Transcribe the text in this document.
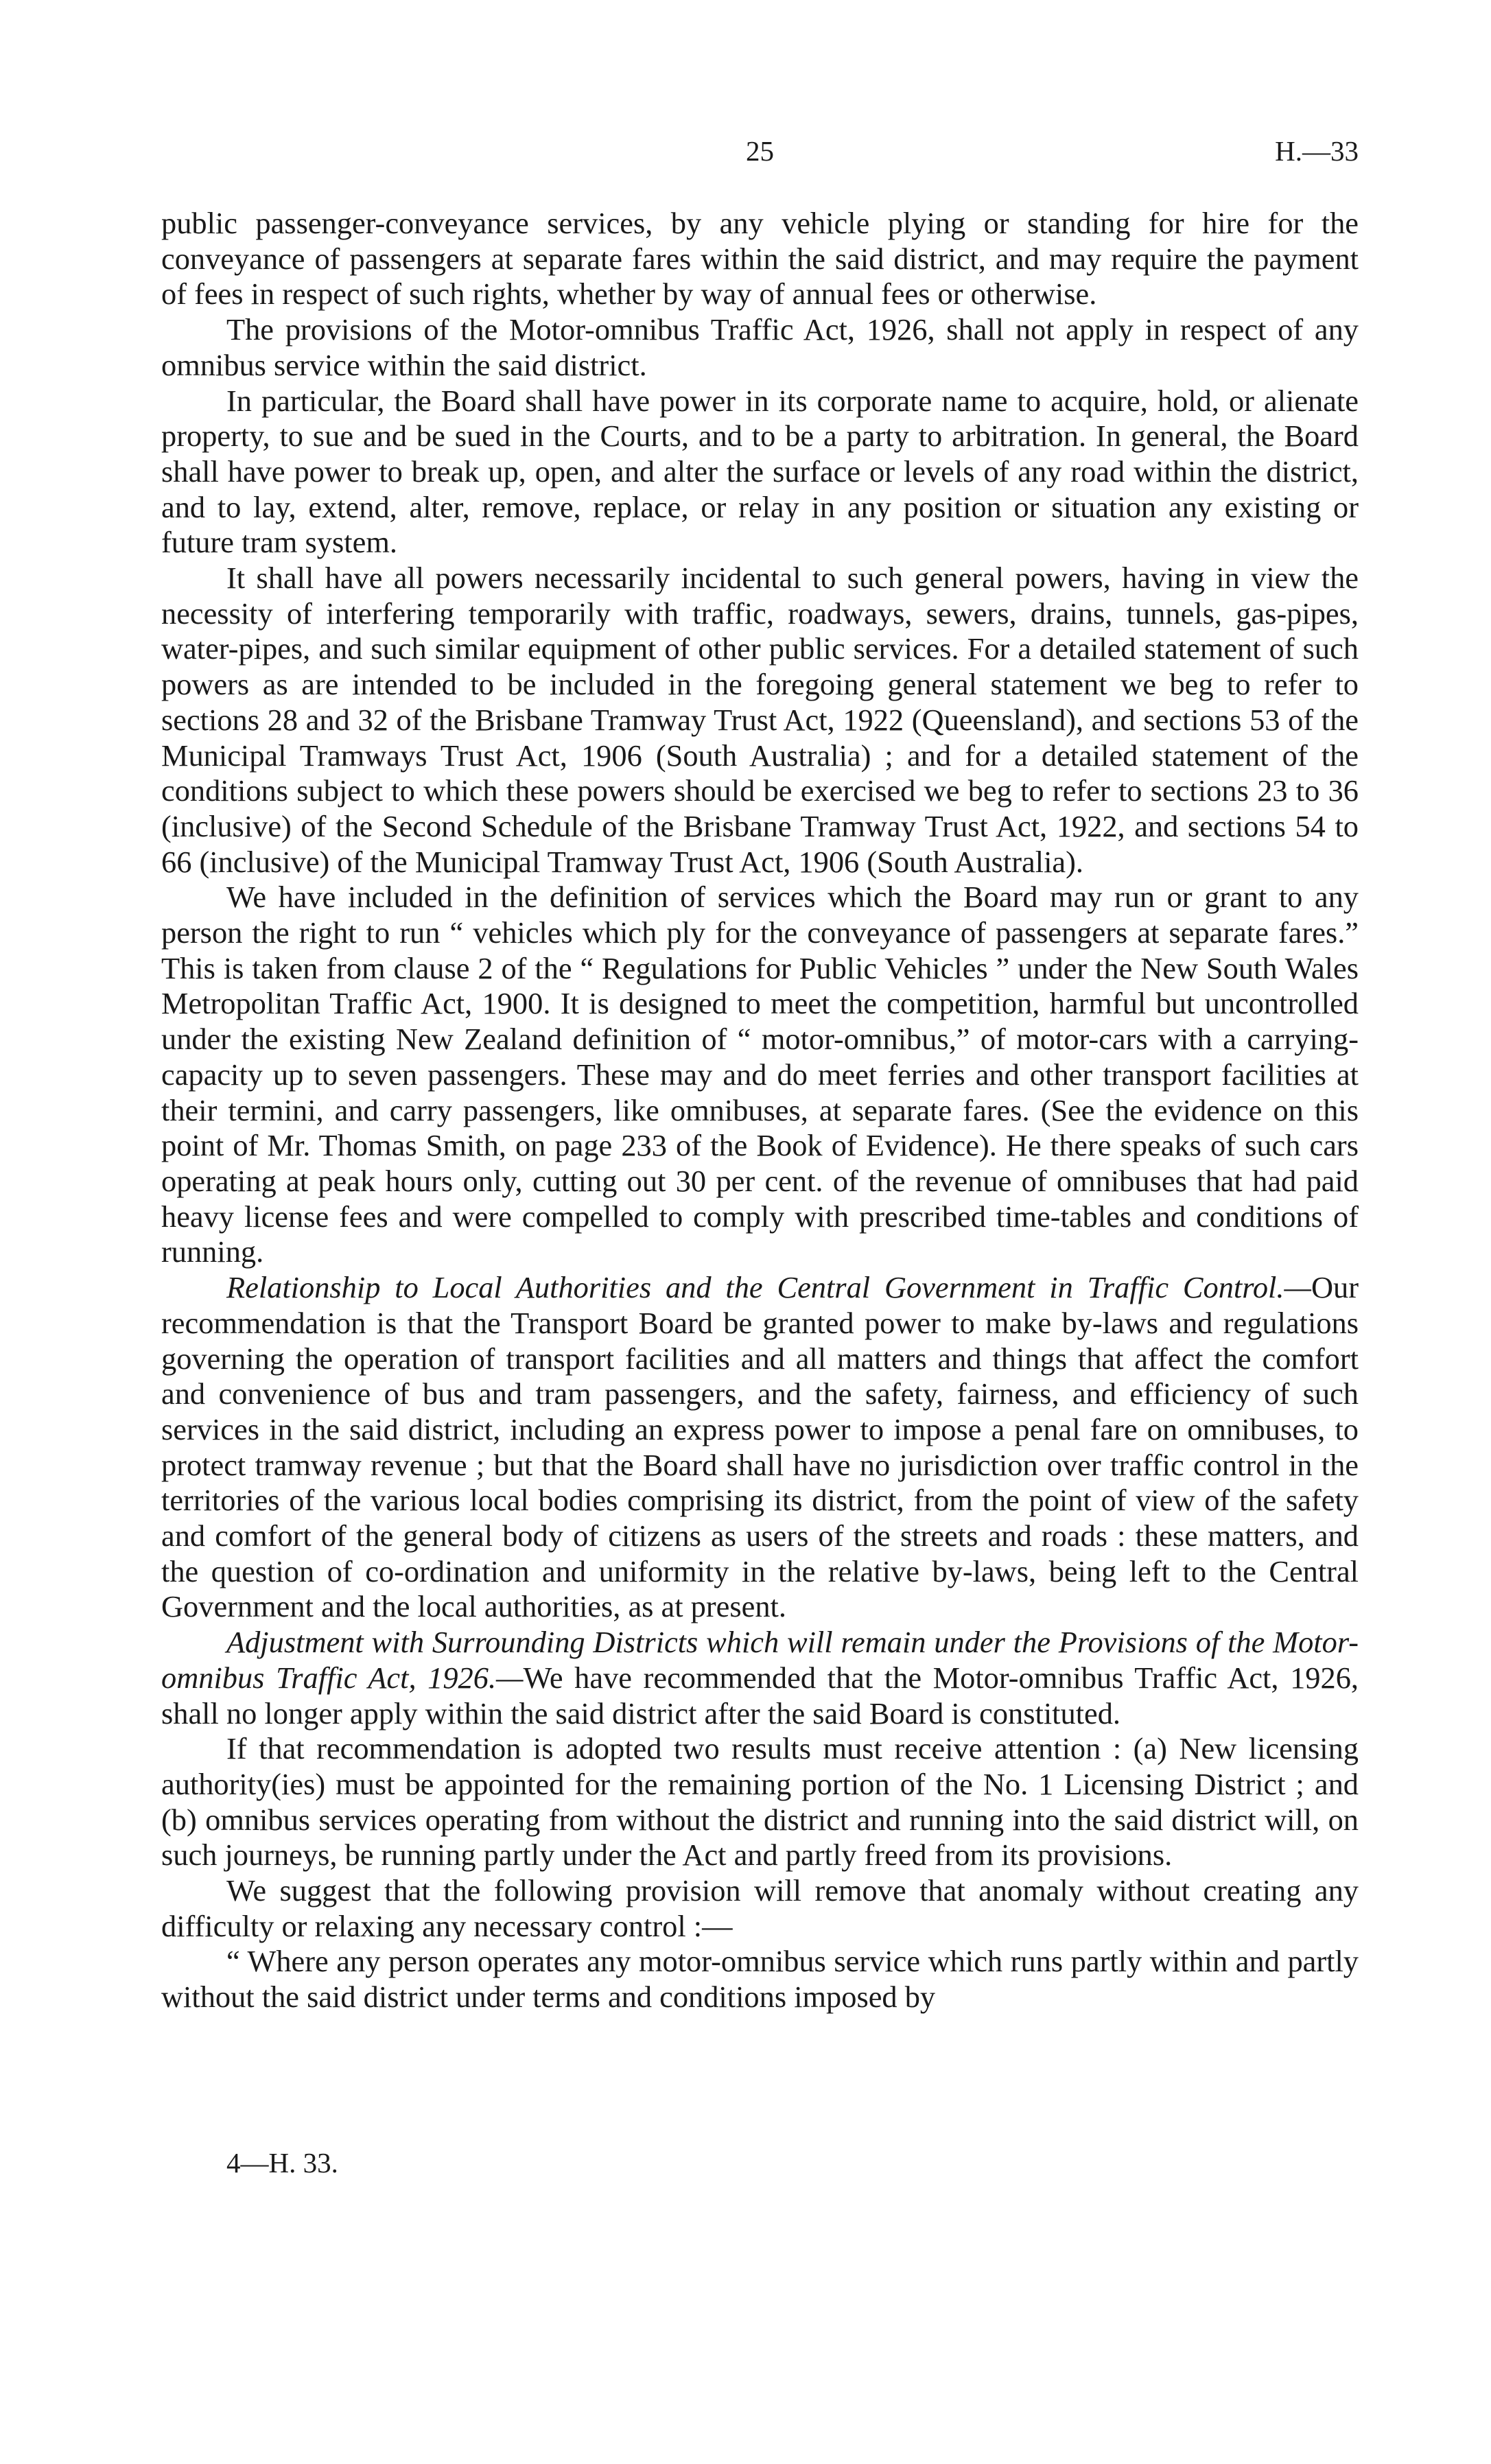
25	H.—33

public passenger-conveyance services, by any vehicle plying or standing for hire for the conveyance of passengers at separate fares within the said district, and may require the payment of fees in respect of such rights, whether by way of annual fees or otherwise.

The provisions of the Motor-omnibus Traffic Act, 1926, shall not apply in respect of any omnibus service within the said district.

In particular, the Board shall have power in its corporate name to acquire, hold, or alienate property, to sue and be sued in the Courts, and to be a party to arbitration. In general, the Board shall have power to break up, open, and alter the surface or levels of any road within the district, and to lay, extend, alter, remove, replace, or relay in any position or situation any existing or future tram system.

It shall have all powers necessarily incidental to such general powers, having in view the necessity of interfering temporarily with traffic, roadways, sewers, drains, tunnels, gas-pipes, water-pipes, and such similar equipment of other public services. For a detailed statement of such powers as are intended to be included in the foregoing general statement we beg to refer to sections 28 and 32 of the Brisbane Tramway Trust Act, 1922 (Queensland), and sections 53 of the Municipal Tramways Trust Act, 1906 (South Australia) ; and for a detailed statement of the conditions subject to which these powers should be exercised we beg to refer to sections 23 to 36 (inclusive) of the Second Schedule of the Brisbane Tramway Trust Act, 1922, and sections 54 to 66 (inclusive) of the Municipal Tramway Trust Act, 1906 (South Australia).

We have included in the definition of services which the Board may run or grant to any person the right to run “ vehicles which ply for the conveyance of passengers at separate fares.” This is taken from clause 2 of the “ Regulations for Public Vehicles ” under the New South Wales Metropolitan Traffic Act, 1900. It is designed to meet the competition, harmful but uncontrolled under the existing New Zealand definition of “ motor-omnibus,” of motor-cars with a carrying-capacity up to seven passengers. These may and do meet ferries and other transport facilities at their termini, and carry passengers, like omnibuses, at separate fares. (See the evidence on this point of Mr. Thomas Smith, on page 233 of the Book of Evidence). He there speaks of such cars operating at peak hours only, cutting out 30 per cent. of the revenue of omnibuses that had paid heavy license fees and were compelled to comply with prescribed time-tables and conditions of running.

Relationship to Local Authorities and the Central Government in Traffic Control.—Our recommendation is that the Transport Board be granted power to make by-laws and regulations governing the operation of transport facilities and all matters and things that affect the comfort and convenience of bus and tram passengers, and the safety, fairness, and efficiency of such services in the said district, including an express power to impose a penal fare on omnibuses, to protect tramway revenue ; but that the Board shall have no jurisdiction over traffic control in the territories of the various local bodies comprising its district, from the point of view of the safety and comfort of the general body of citizens as users of the streets and roads : these matters, and the question of co-ordination and uniformity in the relative by-laws, being left to the Central Government and the local authorities, as at present.

Adjustment with Surrounding Districts which will remain under the Provisions of the Motor-omnibus Traffic Act, 1926.—We have recommended that the Motor-omnibus Traffic Act, 1926, shall no longer apply within the said district after the said Board is constituted.

If that recommendation is adopted two results must receive attention : (a) New licensing authority(ies) must be appointed for the remaining portion of the No. 1 Licensing District ; and (b) omnibus services operating from without the district and running into the said district will, on such journeys, be running partly under the Act and partly freed from its provisions.

We suggest that the following provision will remove that anomaly without creating any difficulty or relaxing any necessary control :—

“ Where any person operates any motor-omnibus service which runs partly within and partly without the said district under terms and conditions imposed by

4—H. 33.
